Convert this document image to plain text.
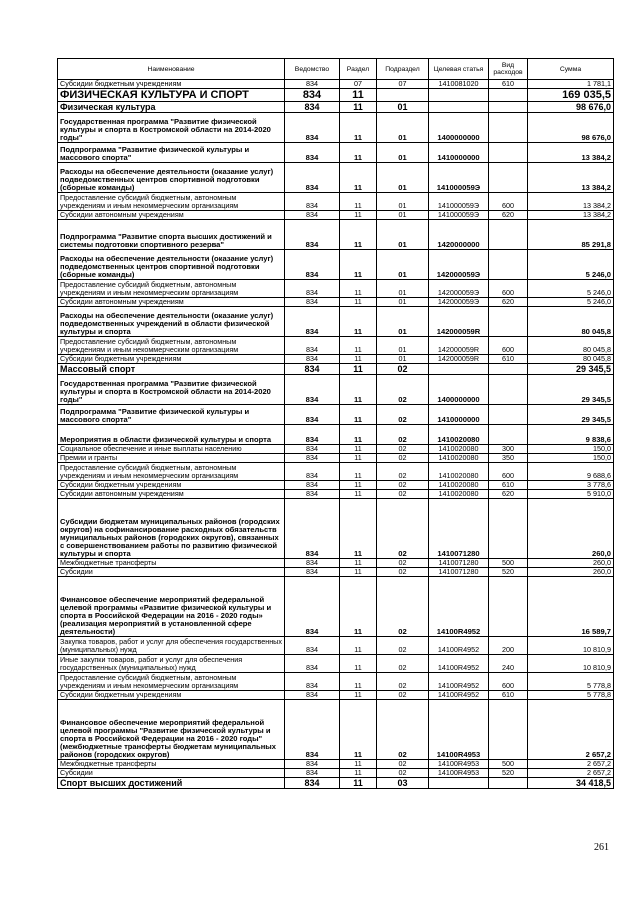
Наименование	Ведомство	Раздел	Подраздел	Целевая статья	Вид расходов	Сумма
Субсидии бюджетным учреждениям	834	07	07	1410081020	610	1 781,1
ФИЗИЧЕСКАЯ КУЛЬТУРА И СПОРТ	834	11				169 035,5
Физическая культура	834	11	01			98 676,0
Государственная программа "Развитие физической культуры и спорта в Костромской области на 2014-2020 годы"	834	11	01	1400000000		98 676,0
Подпрограмма "Развитие физической культуры и массового спорта"	834	11	01	1410000000		13 384,2
Расходы на обеспечение деятельности (оказание услуг) подведомственных центров спортивной подготовки (сборные команды)	834	11	01	141000059Э		13 384,2
Предоставление субсидий бюджетным, автономным учреждениям и иным некоммерческим организациям	834	11	01	141000059Э	600	13 384,2
Субсидии автономным учреждениям	834	11	01	141000059Э	620	13 384,2
Подпрограмма "Развитие спорта высших достижений и системы подготовки спортивного резерва"	834	11	01	1420000000		85 291,8
Расходы на обеспечение деятельности (оказание услуг) подведомственных центров спортивной подготовки (сборные команды)	834	11	01	142000059Э		5 246,0
Предоставление субсидий бюджетным, автономным учреждениям и иным некоммерческим организациям	834	11	01	142000059Э	600	5 246,0
Субсидии автономным учреждениям	834	11	01	142000059Э	620	5 246,0
Расходы на обеспечение деятельности (оказание услуг) подведомственных учреждений в области физической культуры и спорта	834	11	01	142000059R		80 045,8
Предоставление субсидий бюджетным, автономным учреждениям и иным некоммерческим организациям	834	11	01	142000059R	600	80 045,8
Субсидии бюджетным учреждениям	834	11	01	142000059R	610	80 045,8
Массовый спорт	834	11	02			29 345,5
Государственная программа "Развитие физической культуры и спорта в Костромской области на 2014-2020 годы"	834	11	02	1400000000		29 345,5
Подпрограмма "Развитие физической культуры и массового спорта"	834	11	02	1410000000		29 345,5
Мероприятия в области физической культуры и спорта	834	11	02	1410020080		9 838,6
Социальное обеспечение и иные выплаты населению	834	11	02	1410020080	300	150,0
Премии и гранты	834	11	02	1410020080	350	150,0
Предоставление субсидий бюджетным, автономным учреждениям и иным некоммерческим организациям	834	11	02	1410020080	600	9 688,6
Субсидии бюджетным учреждениям	834	11	02	1410020080	610	3 778,6
Субсидии автономным учреждениям	834	11	02	1410020080	620	5 910,0
Субсидии бюджетам муниципальных районов (городских округов) на софинансирование расходных обязательств муниципальных районов (городских округов), связанных с совершенствованием работы по развитию физической культуры и спорта	834	11	02	1410071280		260,0
Межбюджетные трансферты	834	11	02	1410071280	500	260,0
Субсидии	834	11	02	1410071280	520	260,0
Финансовое обеспечение мероприятий федеральной целевой программы «Развитие физической культуры и спорта в Российской Федерации на 2016 - 2020 годы» (реализация мероприятий в установленной сфере деятельности)	834	11	02	14100R4952		16 589,7
Закупка товаров, работ и услуг для обеспечения государственных (муниципальных) нужд	834	11	02	14100R4952	200	10 810,9
Иные закупки товаров, работ и услуг для обеспечения государственных (муниципальных) нужд	834	11	02	14100R4952	240	10 810,9
Предоставление субсидий бюджетным, автономным учреждениям и иным некоммерческим организациям	834	11	02	14100R4952	600	5 778,8
Субсидии бюджетным учреждениям	834	11	02	14100R4952	610	5 778,8
Финансовое обеспечение мероприятий федеральной целевой программы "Развитие физической культуры и спорта в Российской Федерации на 2016 - 2020 годы" (межбюджетные трансферты бюджетам муниципальных районов (городских округов)	834	11	02	14100R4953		2 657,2
Межбюджетные трансферты	834	11	02	14100R4953	500	2 657,2
Субсидии	834	11	02	14100R4953	520	2 657,2
Спорт высших достижений	834	11	03			34 418,5
261
